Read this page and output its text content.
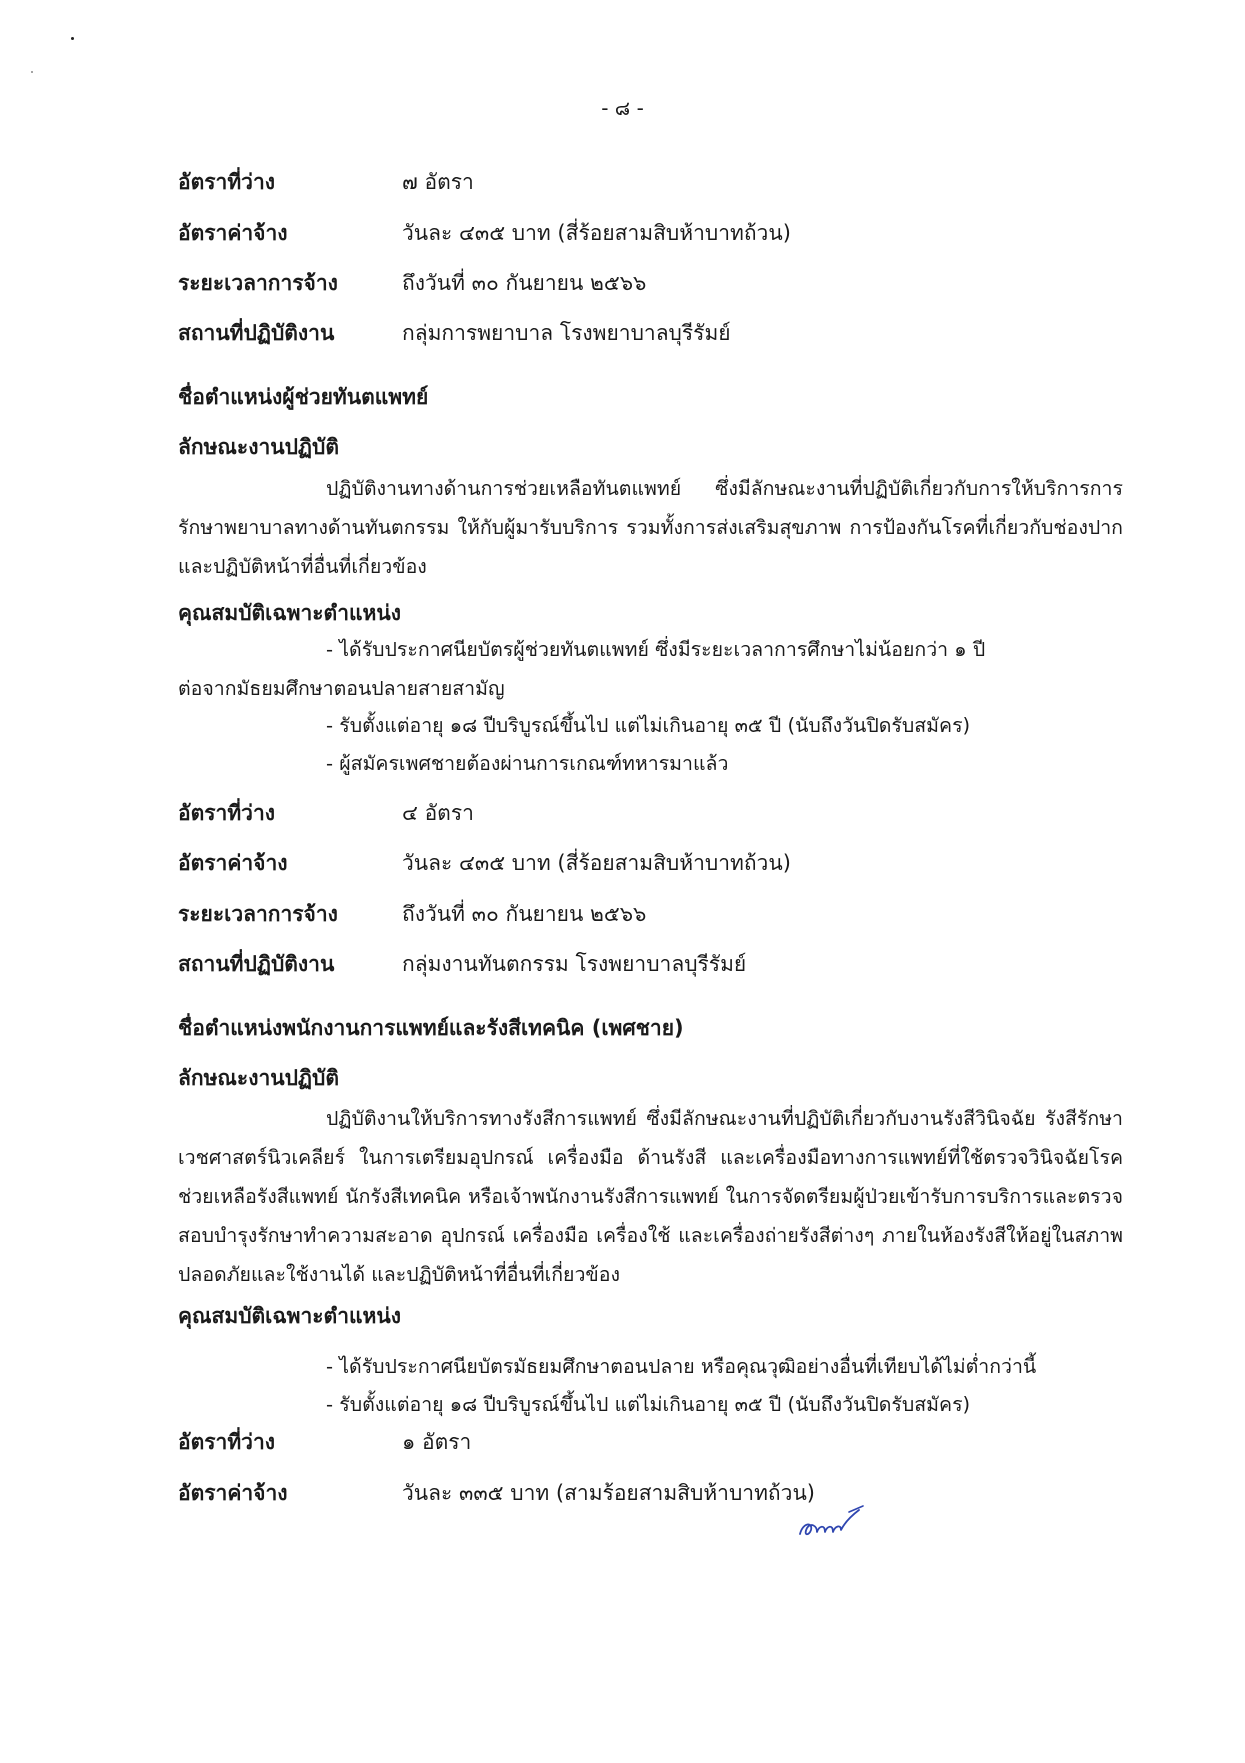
- ๘ -
อัตราที่ว่าง	๗ อัตรา
อัตราค่าจ้าง	วันละ ๔๓๕ บาท (สี่ร้อยสามสิบห้าบาทถ้วน)
ระยะเวลาการจ้าง	ถึงวันที่ ๓๐ กันยายน ๒๕๖๖
สถานที่ปฏิบัติงาน	กลุ่มการพยาบาล โรงพยาบาลบุรีรัมย์
ชื่อตำแหน่งผู้ช่วยทันตแพทย์
ลักษณะงานปฏิบัติ
ปฏิบัติงานทางด้านการช่วยเหลือทันตแพทย์ ซึ่งมีลักษณะงานที่ปฏิบัติเกี่ยวกับการให้บริการการรักษาพยาบาลทางด้านทันตกรรม ให้กับผู้มารับบริการ รวมทั้งการส่งเสริมสุขภาพ การป้องกันโรคที่เกี่ยวกับช่องปากและปฏิบัติหน้าที่อื่นที่เกี่ยวข้อง
คุณสมบัติเฉพาะตำแหน่ง
- ได้รับประกาศนียบัตรผู้ช่วยทันตแพทย์ ซึ่งมีระยะเวลาการศึกษาไม่น้อยกว่า ๑ ปี
ต่อจากมัธยมศึกษาตอนปลายสายสามัญ
- รับตั้งแต่อายุ ๑๘ ปีบริบูรณ์ขึ้นไป แต่ไม่เกินอายุ ๓๕ ปี (นับถึงวันปิดรับสมัคร)
- ผู้สมัครเพศชายต้องผ่านการเกณฑ์ทหารมาแล้ว
อัตราที่ว่าง	๔ อัตรา
อัตราค่าจ้าง	วันละ ๔๓๕ บาท (สี่ร้อยสามสิบห้าบาทถ้วน)
ระยะเวลาการจ้าง	ถึงวันที่ ๓๐ กันยายน ๒๕๖๖
สถานที่ปฏิบัติงาน	กลุ่มงานทันตกรรม โรงพยาบาลบุรีรัมย์
ชื่อตำแหน่งพนักงานการแพทย์และรังสีเทคนิค (เพศชาย)
ลักษณะงานปฏิบัติ
ปฏิบัติงานให้บริการทางรังสีการแพทย์ ซึ่งมีลักษณะงานที่ปฏิบัติเกี่ยวกับงานรังสีวินิจฉัย รังสีรักษาเวชศาสตร์นิวเคลียร์ ในการเตรียมอุปกรณ์ เครื่องมือ ด้านรังสี และเครื่องมือทางการแพทย์ที่ใช้ตรวจวินิจฉัยโรค ช่วยเหลือรังสีแพทย์ นักรังสีเทคนิค หรือเจ้าพนักงานรังสีการแพทย์ ในการจัดตรียมผู้ป่วยเข้ารับการบริการและตรวจสอบบำรุงรักษาทำความสะอาด อุปกรณ์ เครื่องมือ เครื่องใช้ และเครื่องถ่ายรังสีต่างๆ ภายในห้องรังสีให้อยู่ในสภาพปลอดภัยและใช้งานได้ และปฏิบัติหน้าที่อื่นที่เกี่ยวข้อง
คุณสมบัติเฉพาะตำแหน่ง
- ได้รับประกาศนียบัตรมัธยมศึกษาตอนปลาย หรือคุณวุฒิอย่างอื่นที่เทียบได้ไม่ต่ำกว่านี้
- รับตั้งแต่อายุ ๑๘ ปีบริบูรณ์ขึ้นไป แต่ไม่เกินอายุ ๓๕ ปี (นับถึงวันปิดรับสมัคร)
อัตราที่ว่าง	๑ อัตรา
อัตราค่าจ้าง	วันละ ๓๓๕ บาท (สามร้อยสามสิบห้าบาทถ้วน)
